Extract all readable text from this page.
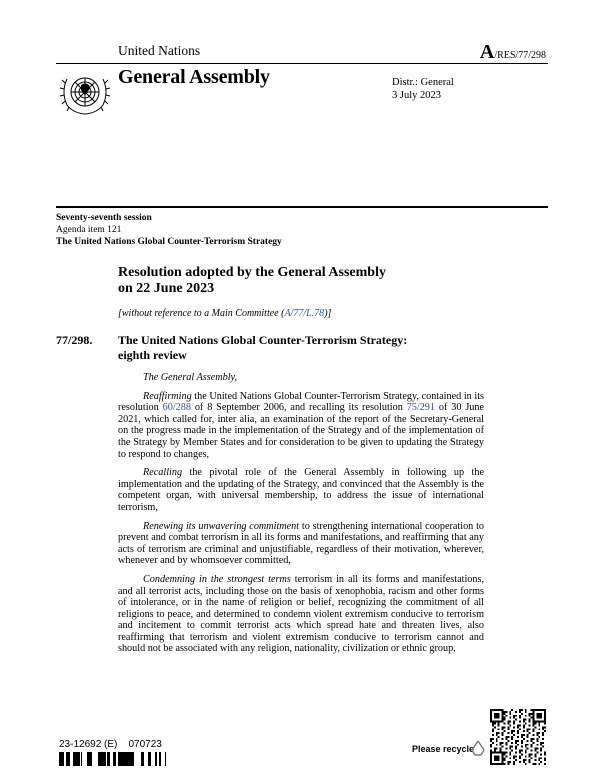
United Nations	A/RES/77/298
General Assembly	Distr.: General
3 July 2023
Seventy-seventh session
Agenda item 121
The United Nations Global Counter-Terrorism Strategy
Resolution adopted by the General Assembly
on 22 June 2023
[without reference to a Main Committee (A/77/L.78)]
77/298. The United Nations Global Counter-Terrorism Strategy:
eighth review

The General Assembly,

Reaffirming the United Nations Global Counter-Terrorism Strategy, contained in its resolution 60/288 of 8 September 2006, and recalling its resolution 75/291 of 30 June 2021, which called for, inter alia, an examination of the report of the Secretary-General on the progress made in the implementation of the Strategy and of the implementation of the Strategy by Member States and for consideration to be given to updating the Strategy to respond to changes,

Recalling the pivotal role of the General Assembly in following up the implementation and the updating of the Strategy, and convinced that the Assembly is the competent organ, with universal membership, to address the issue of international terrorism,

Renewing its unwavering commitment to strengthening international cooperation to prevent and combat terrorism in all its forms and manifestations, and reaffirming that any acts of terrorism are criminal and unjustifiable, regardless of their motivation, wherever, whenever and by whomsoever committed,

Condemning in the strongest terms terrorism in all its forms and manifestations, and all terrorist acts, including those on the basis of xenophobia, racism and other forms of intolerance, or in the name of religion or belief, recognizing the commitment of all religions to peace, and determined to condemn violent extremism conducive to terrorism and incitement to commit terrorist acts which spread hate and threaten lives, also reaffirming that terrorism and violent extremism conducive to terrorism cannot and should not be associated with any religion, nationality, civilization or ethnic group,

23-12692 (E)    070723	Please recycle
